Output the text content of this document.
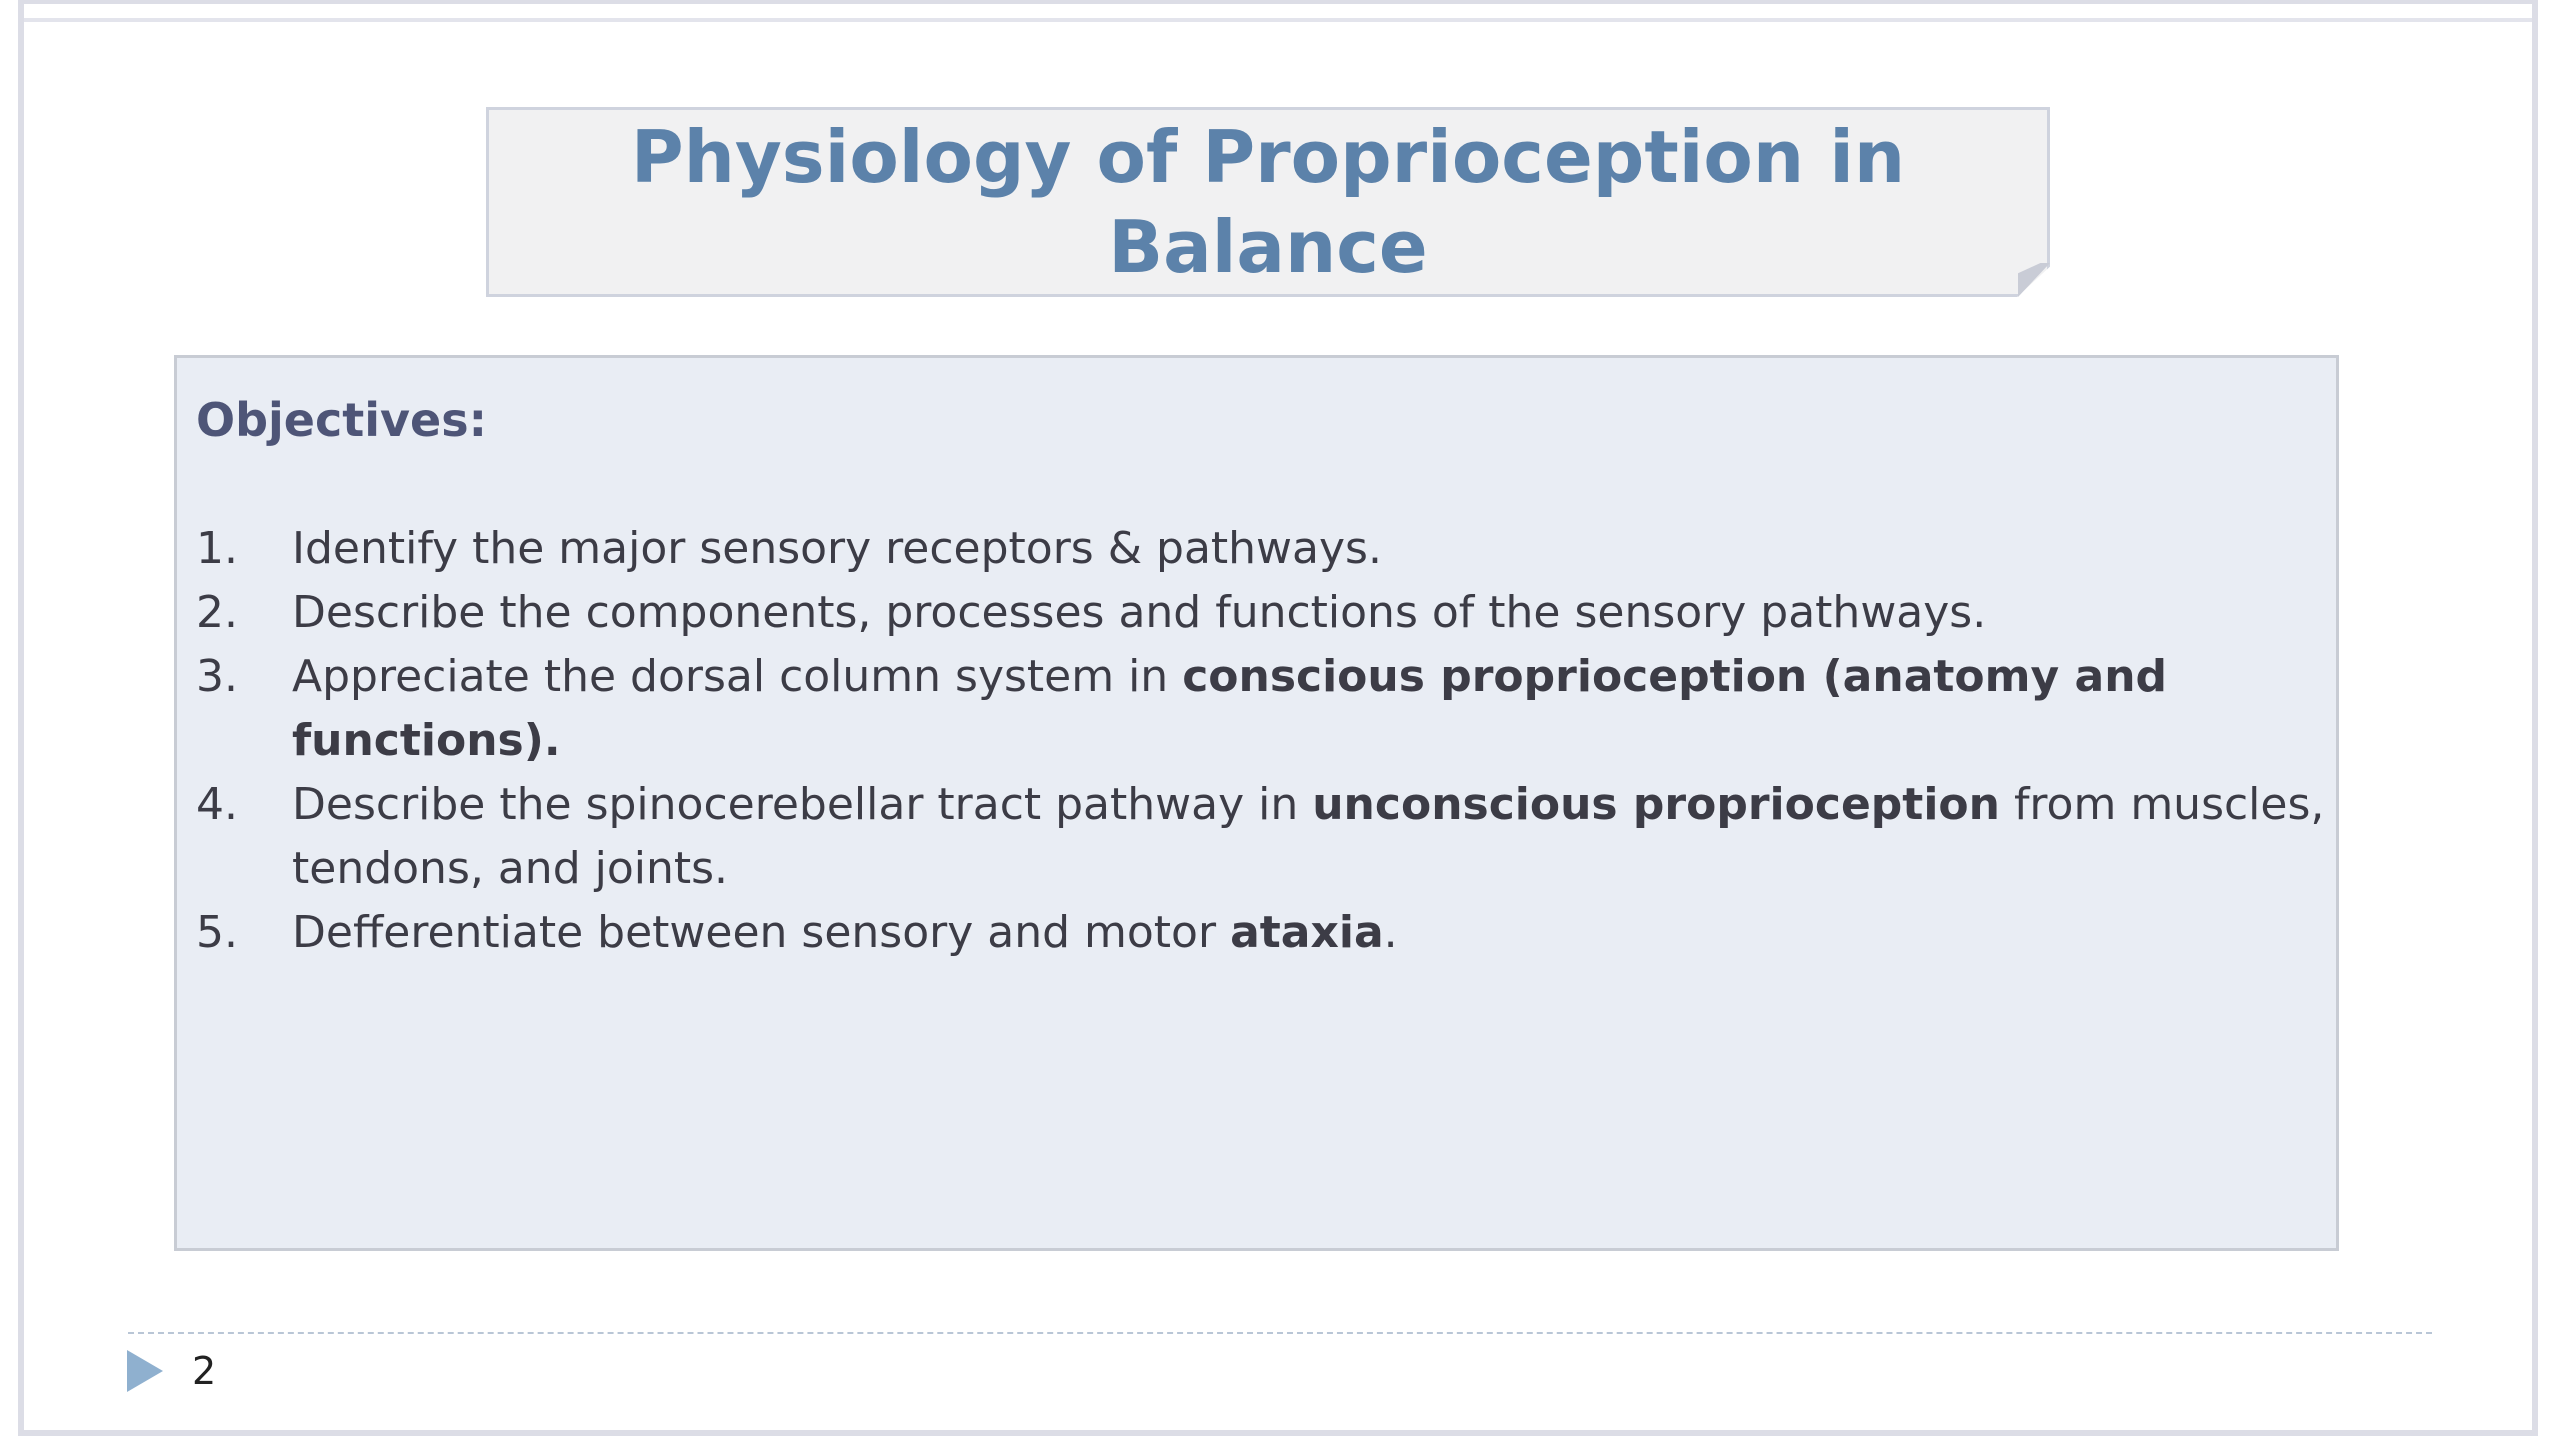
Physiology of Proprioception in
Balance
Objectives:
1.	Identify the major sensory receptors & pathways.
2.	Describe the components, processes and functions of the sensory pathways.
3.	Appreciate the dorsal column system in conscious proprioception (anatomy and functions).
4.	Describe the spinocerebellar tract pathway in unconscious proprioception from muscles, tendons, and joints.
5.	Defferentiate between sensory and motor ataxia.
2
